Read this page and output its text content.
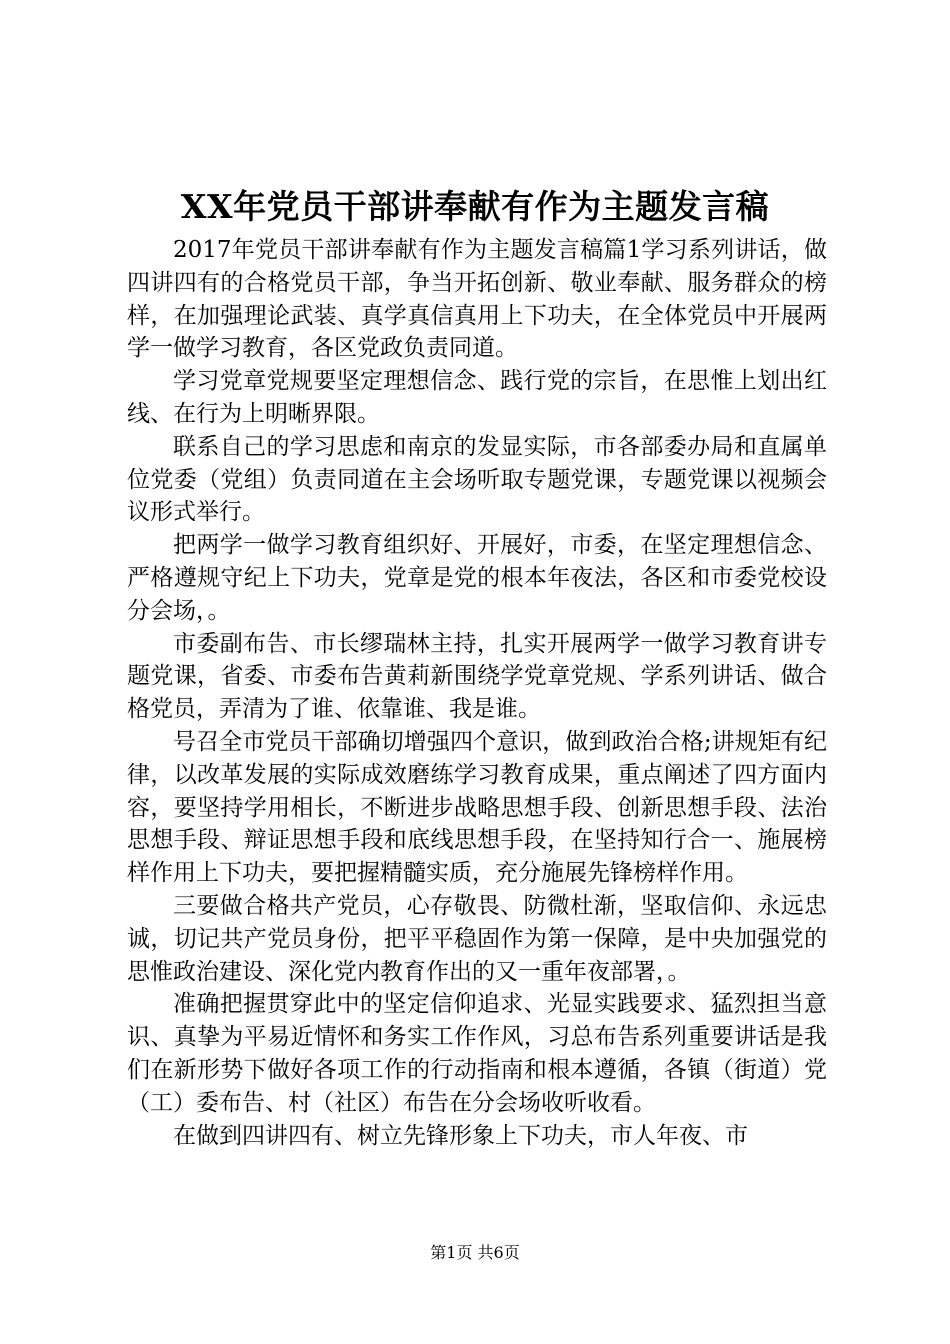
XX年党员干部讲奉献有作为主题发言稿

2017年党员干部讲奉献有作为主题发言稿篇1学习系列讲话，做四讲四有的合格党员干部，争当开拓创新、敬业奉献、服务群众的榜样，在加强理论武装、真学真信真用上下功夫，在全体党员中开展两学一做学习教育，各区党政负责同道。

学习党章党规要坚定理想信念、践行党的宗旨，在思惟上划出红线、在行为上明晰界限。

联系自己的学习思虑和南京的发显实际，市各部委办局和直属单位党委（党组）负责同道在主会场听取专题党课，专题党课以视频会议形式举行。

把两学一做学习教育组织好、开展好，市委，在坚定理想信念、严格遵规守纪上下功夫，党章是党的根本年夜法，各区和市委党校设分会场，。

市委副布告、市长缪瑞林主持，扎实开展两学一做学习教育讲专题党课，省委、市委布告黄莉新围绕学党章党规、学系列讲话、做合格党员，弄清为了谁、依靠谁、我是谁。

号召全市党员干部确切增强四个意识，做到政治合格;讲规矩有纪律，以改革发展的实际成效磨练学习教育成果，重点阐述了四方面内容，要坚持学用相长，不断进步战略思想手段、创新思想手段、法治思想手段、辩证思想手段和底线思想手段，在坚持知行合一、施展榜样作用上下功夫，要把握精髓实质，充分施展先锋榜样作用。

三要做合格共产党员，心存敬畏、防微杜渐，坚取信仰、永远忠诚，切记共产党员身份，把平平稳固作为第一保障，是中央加强党的思惟政治建设、深化党内教育作出的又一重年夜部署，。

准确把握贯穿此中的坚定信仰追求、光显实践要求、猛烈担当意识、真挚为平易近情怀和务实工作作风，习总布告系列重要讲话是我们在新形势下做好各项工作的行动指南和根本遵循，各镇（街道）党（工）委布告、村（社区）布告在分会场收听收看。

在做到四讲四有、树立先锋形象上下功夫，市人年夜、市

第1页 共6页
